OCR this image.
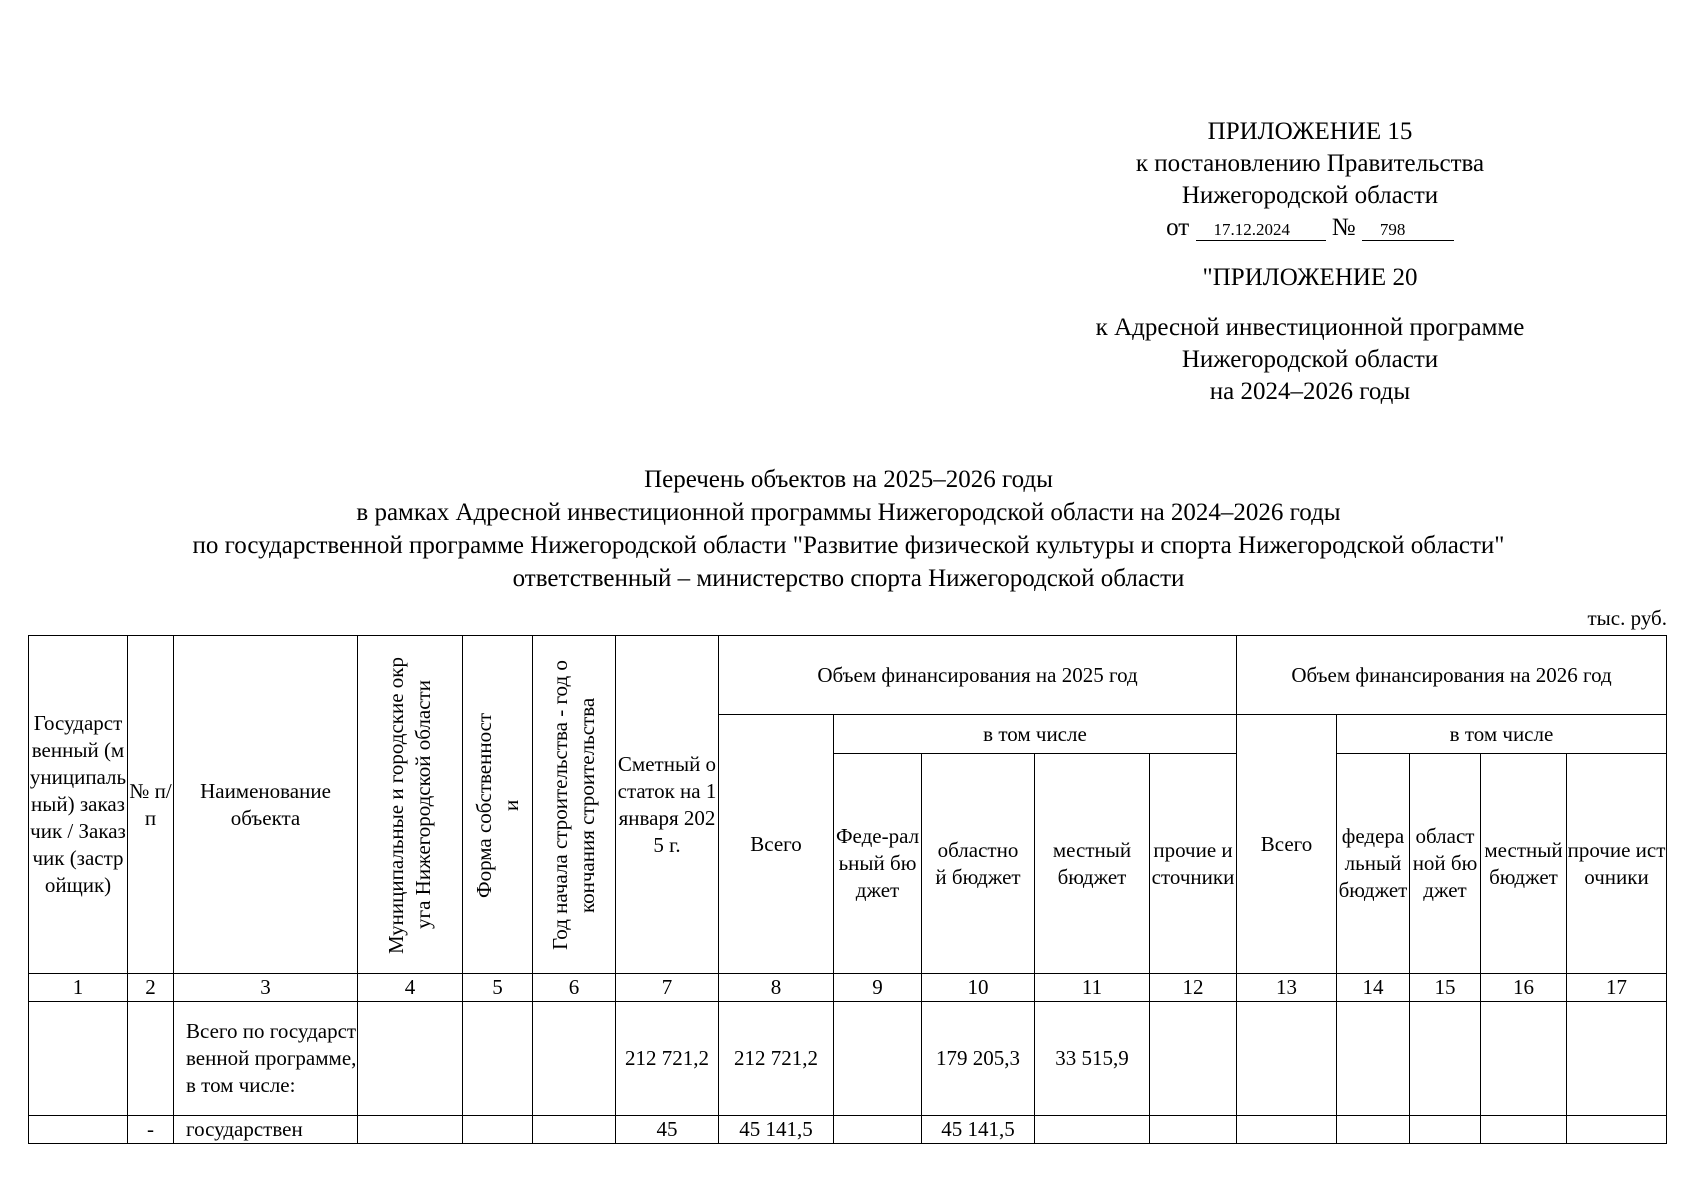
ПРИЛОЖЕНИЕ 15
к постановлению Правительства
Нижегородской области
от 17.12.2024 № 798
"ПРИЛОЖЕНИЕ 20
к Адресной инвестиционной программе
Нижегородской области
на 2024–2026 годы
Перечень объектов на 2025–2026 годы
в рамках Адресной инвестиционной программы Нижегородской области на 2024–2026 годы
по государственной программе Нижегородской области "Развитие физической культуры и спорта Нижегородской области"
ответственный – министерство спорта Нижегородской области
тыс. руб.
Государственный (муниципальный) заказчик / Заказчик (застройщик)	№ п/п	Наименование объекта	Муниципальные и городские округа Нижегородской области	Форма собственности	Год начала строительства - год окончания строительства	Сметный остаток на 1 января 2025 г.	Объем финансирования на 2025 год					Объем финансирования на 2026 год				
							Всего	в том числе				Всего	в том числе			
								Феде-ральный бюджет	областной бюджет	местный бюджет	прочие источники		федеральный бюджет	областной бюджет	местный бюджет	прочие источники
1	2	3	4	5	6	7	8	9	10	11	12	13	14	15	16	17
		Всего по государственной программе, в том числе:				212 721,2	212 721,2		179 205,3	33 515,9						
	-	государствен				45	45 141,5		45 141,5							
